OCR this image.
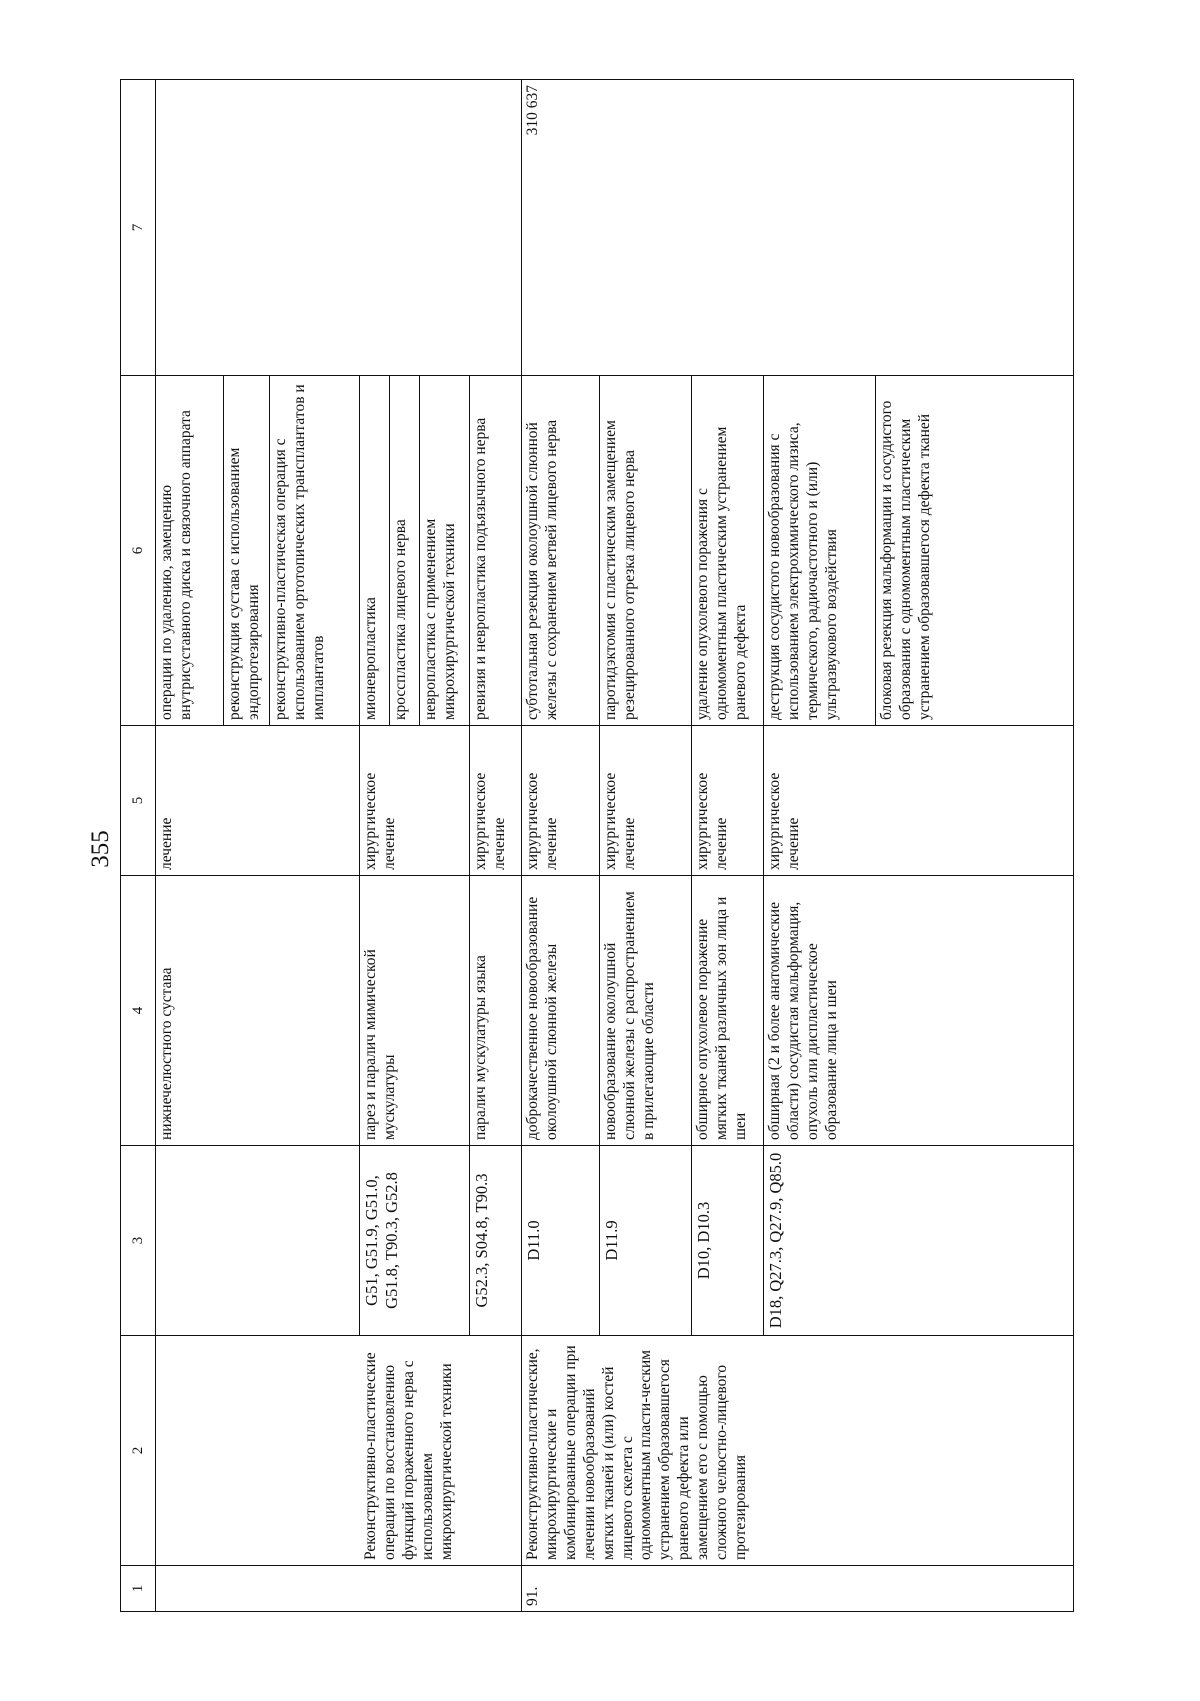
355
1	2	3	4	5	6	7
			нижнечелюстного сустава	лечение	операции по удалению, замещению внутрисуставного диска и связочного аппарата	
					реконструкция сустава с использованием эндопротезирования	
					реконструктивно-пластическая операция с использованием ортотопических трансплантатов и имплантатов	
	Реконструктивно-пластические операции по восстановлению функций пораженного нерва с использованием микрохирургической техники	G51, G51.9, G51.0, G51.8, T90.3, G52.8	парез и паралич мимической мускулатуры	хирургическое лечение	мионевропластика	
					кросспластика лицевого нерва	
					невропластика с применением микрохирургической техники	
		G52.3, S04.8, T90.3	паралич мускулатуры языка	хирургическое лечение	ревизия и невропластика подъязычного нерва	

91.	Реконструктивно-пластические, микрохирургические и комбинированные операции при лечении новообразований мягких тканей и (или) костей лицевого скелета с одномоментным пласти-ческим устранением образовавшегося раневого дефекта или замещением его с помощью сложного челюстно-лицевого протезирования	D11.0	доброкачественное новообразование околоушной слюнной железы	хирургическое лечение	субтотальная резекция околоушной слюнной железы с сохранением ветвей лицевого нерва	310 637
		D11.9	новообразование околоушной слюнной железы с распространением в прилегающие области	хирургическое лечение	паротидэктомия с пластическим замещением резецированного отрезка лицевого нерва	
		D10, D10.3	обширное опухолевое поражение мягких тканей различных зон лица и шеи	хирургическое лечение	удаление опухолевого поражения с одномоментным пластическим устранением раневого дефекта	
		D18, Q27.3, Q27.9, Q85.0	обширная (2 и более анатомические области) сосудистая мальформация, опухоль или диспластическое образование лица и шеи	хирургическое лечение	деструкция сосудистого новообразования с использованием электрохимического лизиса, термического, радиочастотного и (или) ультразвукового воздействия	
					блоковая резекция мальформации и сосудистого образования с одномоментным пластическим устранением образовавшегося дефекта тканей	
